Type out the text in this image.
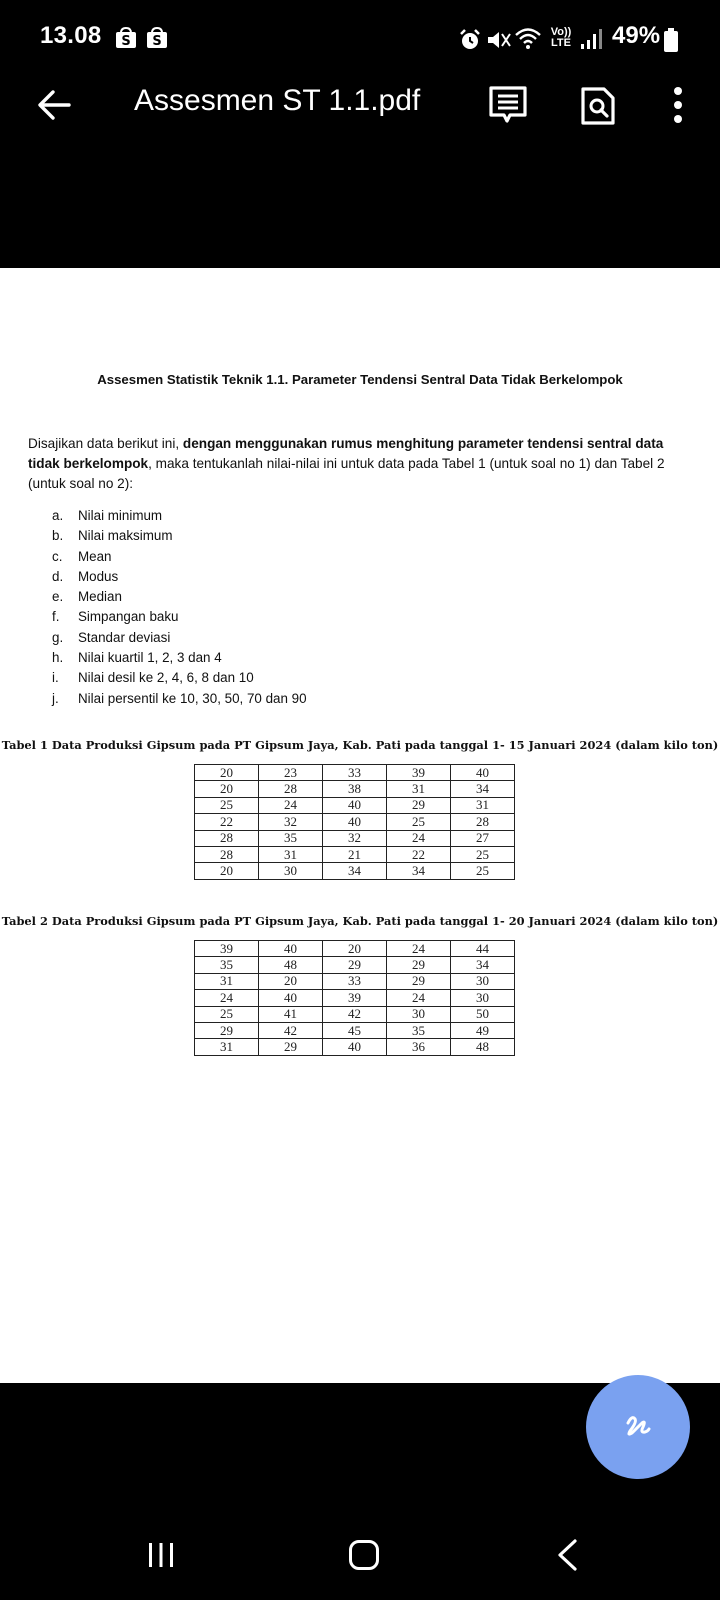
13.08 S S
Vo))
LTE 49%
Assesmen ST 1.1.pdf
Assesmen Statistik Teknik 1.1. Parameter Tendensi Sentral Data Tidak Berkelompok
Disajikan data berikut ini, dengan menggunakan rumus menghitung parameter tendensi sentral data tidak berkelompok, maka tentukanlah nilai-nilai ini untuk data pada Tabel 1 (untuk soal no 1) dan Tabel 2 (untuk soal no 2):
a. Nilai minimum
b. Nilai maksimum
c. Mean
d. Modus
e. Median
f. Simpangan baku
g. Standar deviasi
h. Nilai kuartil 1, 2, 3 dan 4
i. Nilai desil ke 2, 4, 6, 8 dan 10
j. Nilai persentil ke 10, 30, 50, 70 dan 90
Tabel 1 Data Produksi Gipsum pada PT Gipsum Jaya, Kab. Pati pada tanggal 1- 15 Januari 2024 (dalam kilo ton)
20	23	33	39	40
20	28	38	31	34
25	24	40	29	31
22	32	40	25	28
28	35	32	24	27
28	31	21	22	25
20	30	34	34	25
Tabel 2 Data Produksi Gipsum pada PT Gipsum Jaya, Kab. Pati pada tanggal 1- 20 Januari 2024 (dalam kilo ton)
39	40	20	24	44
35	48	29	29	34
31	20	33	29	30
24	40	39	24	30
25	41	42	30	50
29	42	45	35	49
31	29	40	36	48
